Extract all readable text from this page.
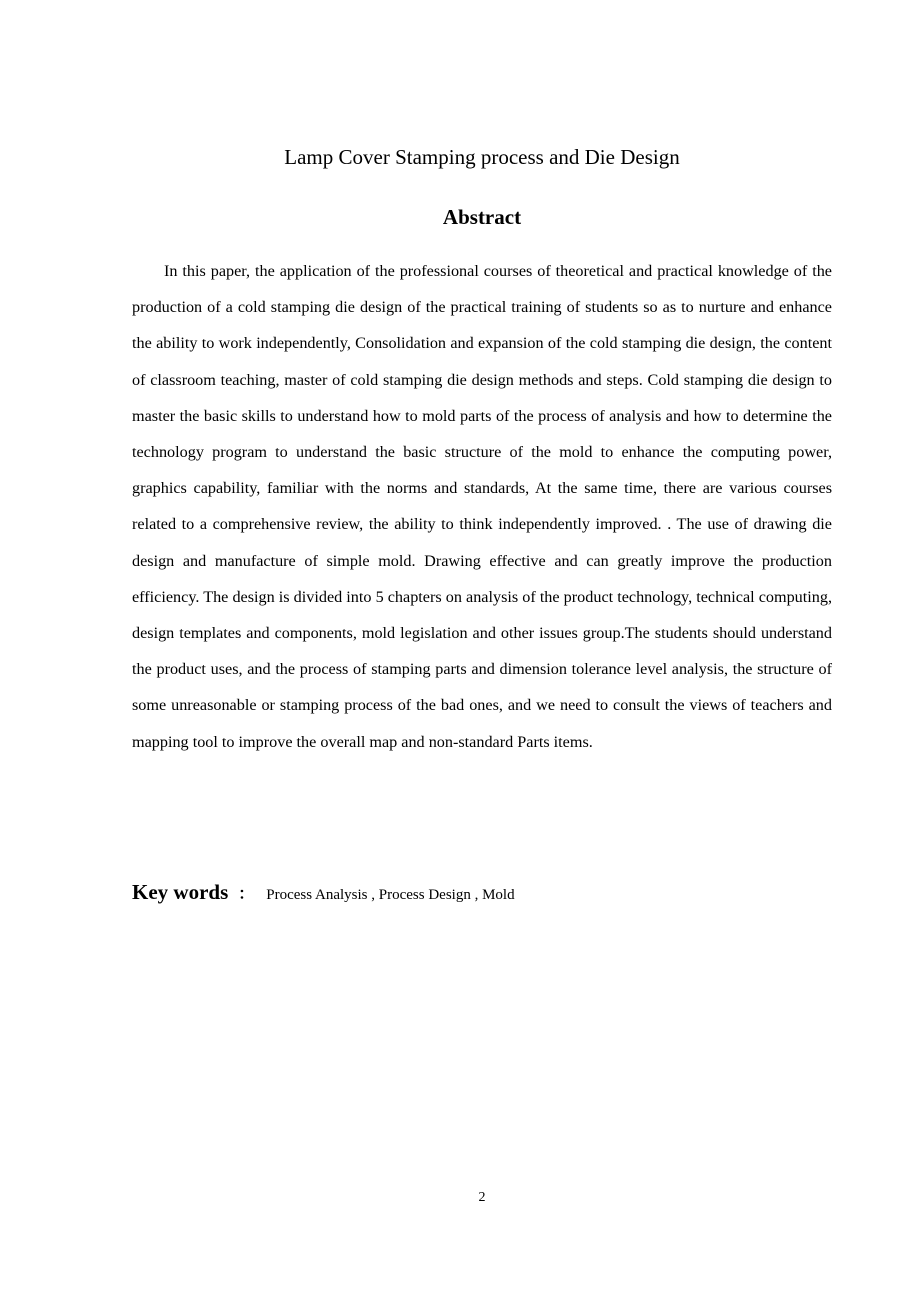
Lamp Cover Stamping process and Die Design
Abstract

In this paper, the application of the professional courses of theoretical and practical knowledge of the production of a cold stamping die design of the practical training of students so as to nurture and enhance the ability to work independently, Consolidation and expansion of the cold stamping die design, the content of classroom teaching, master of cold stamping die design methods and steps. Cold stamping die design to master the basic skills to understand how to mold parts of the process of analysis and how to determine the technology program to understand the basic structure of the mold to enhance the computing power, graphics capability, familiar with the norms and standards, At the same time, there are various courses related to a comprehensive review, the ability to think independently improved. . The use of drawing die design and manufacture of simple mold. Drawing effective and can greatly improve the production efficiency. The design is divided into 5 chapters on analysis of the product technology, technical computing, design templates and components, mold legislation and other issues group.The students should understand the product uses, and the process of stamping parts and dimension tolerance level analysis, the structure of some unreasonable or stamping process of the bad ones, and we need to consult the views of teachers and mapping tool to improve the overall map and non-standard Parts items.

Key words ： Process Analysis , Process Design , Mold

2
